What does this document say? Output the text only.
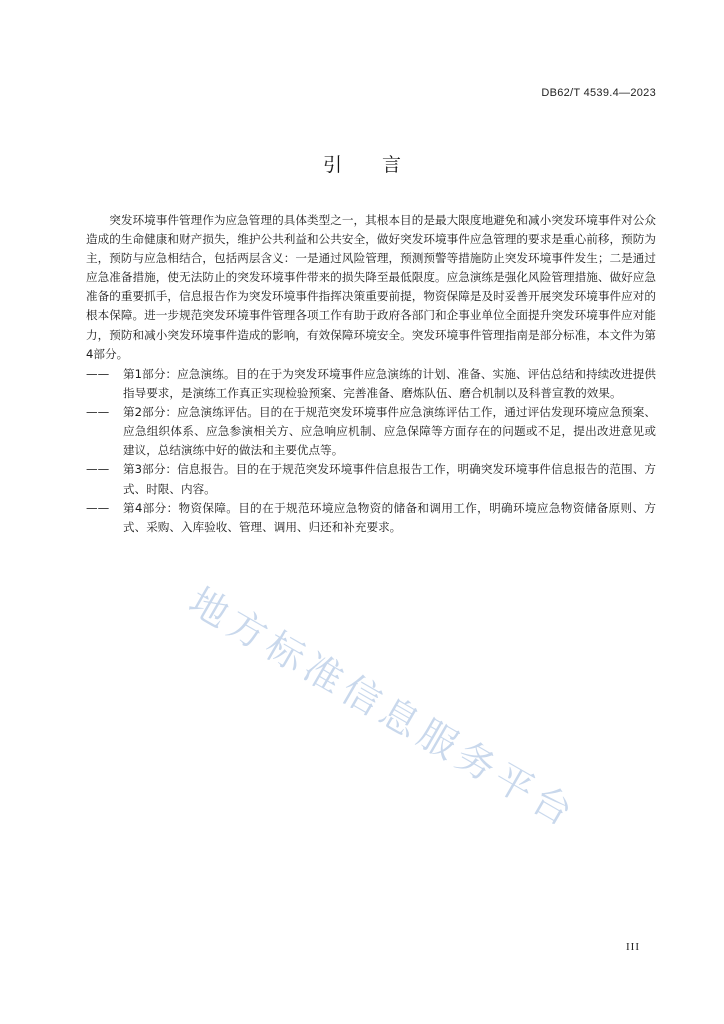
DB62/T 4539.4—2023
引言

突发环境事件管理作为应急管理的具体类型之一，其根本目的是最大限度地避免和减小突发环境事件对公众造成的生命健康和财产损失，维护公共利益和公共安全，做好突发环境事件应急管理的要求是重心前移，预防为主，预防与应急相结合，包括两层含义：一是通过风险管理，预测预警等措施防止突发环境事件发生；二是通过应急准备措施，使无法防止的突发环境事件带来的损失降至最低限度。应急演练是强化风险管理措施、做好应急准备的重要抓手，信息报告作为突发环境事件指挥决策重要前提，物资保障是及时妥善开展突发环境事件应对的根本保障。进一步规范突发环境事件管理各项工作有助于政府各部门和企事业单位全面提升突发环境事件应对能力，预防和减小突发环境事件造成的影响，有效保障环境安全。突发环境事件管理指南是部分标准，本文件为第4部分。

——	第1部分：应急演练。目的在于为突发环境事件应急演练的计划、准备、实施、评估总结和持续改进提供指导要求，是演练工作真正实现检验预案、完善准备、磨炼队伍、磨合机制以及科普宣教的效果。
——	第2部分：应急演练评估。目的在于规范突发环境事件应急演练评估工作，通过评估发现环境应急预案、应急组织体系、应急参演相关方、应急响应机制、应急保障等方面存在的问题或不足，提出改进意见或建议，总结演练中好的做法和主要优点等。
——	第3部分：信息报告。目的在于规范突发环境事件信息报告工作，明确突发环境事件信息报告的范围、方式、时限、内容。
——	第4部分：物资保障。目的在于规范环境应急物资的储备和调用工作，明确环境应急物资储备原则、方式、采购、入库验收、管理、调用、归还和补充要求。
地方标准信息服务平台
III
